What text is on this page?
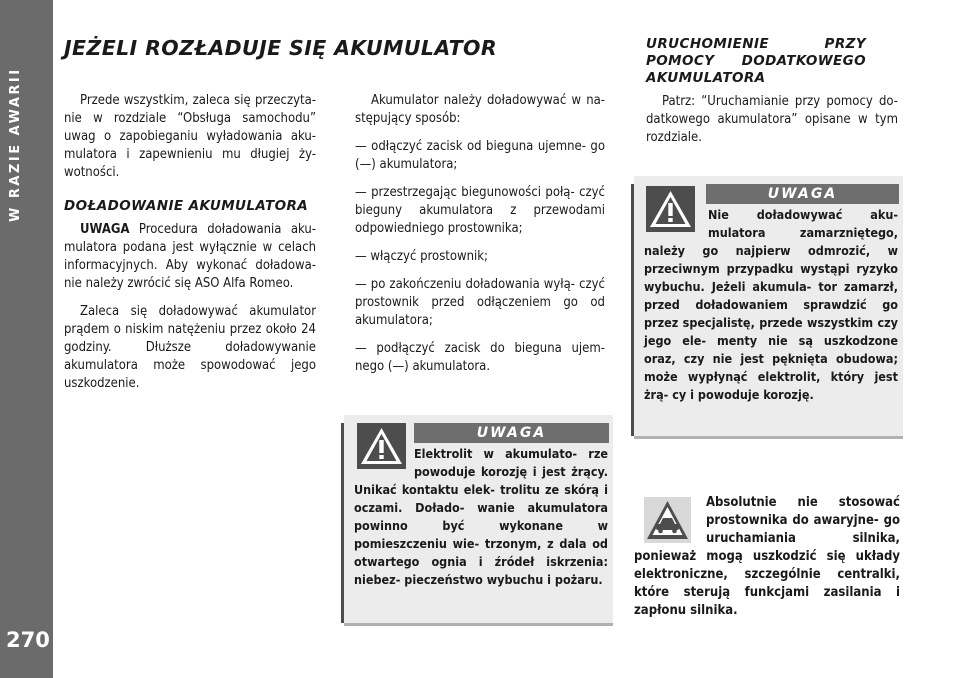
W RAZIE AWARII
270
JEŻELI ROZŁADUJE SIĘ AKUMULATOR

Przede wszystkim, zaleca się przeczyta- nie w rozdziale “Obsługa samochodu” uwag o zapobieganiu wyładowania aku- mulatora i zapewnieniu mu długiej ży- wotności.

DOŁADOWANIE AKUMULATORA

UWAGA Procedura doładowania aku- mulatora podana jest wyłącznie w celach informacyjnych. Aby wykonać doładowa- nie należy zwrócić się ASO Alfa Romeo.

Zaleca się doładowywać akumulator prądem o niskim natężeniu przez około 24 godziny. Dłuższe doładowywanie akumulatora może spowodować jego uszkodzenie.

Akumulator należy doładowywać w na- stępujący sposób:

— odłączyć zacisk od bieguna ujemne- go (—) akumulatora;

— przestrzegając biegunowości połą- czyć bieguny akumulatora z przewodami odpowiedniego prostownika;

— włączyć prostownik;

— po zakończeniu doładowania wyłą- czyć prostownik przed odłączeniem go od akumulatora;

— podłączyć zacisk do bieguna ujem- nego (—) akumulatora.

UWAGA
Elektrolit w akumulato- rze powoduje korozję i jest żrący. Unikać kontaktu elek- trolitu ze skórą i oczami. Dołado- wanie akumulatora powinno być wykonane w pomieszczeniu wie- trzonym, z dala od otwartego ognia i źródeł iskrzenia: niebez- pieczeństwo wybuchu i pożaru.
URUCHOMIENIE PRZY POMOCY DODATKOWEGO AKUMULATORA

Patrz: “Uruchamianie przy pomocy do- datkowego akumulatora” opisane w tym rozdziale.

UWAGA
Nie doładowywać aku- mulatora zamarzniętego, należy go najpierw odmrozić, w przeciwnym przypadku wystąpi ryzyko wybuchu. Jeżeli akumula- tor zamarzł, przed doładowaniem sprawdzić go przez specjalistę, przede wszystkim czy jego ele- menty nie są uszkodzone oraz, czy nie jest pęknięta obudowa; może wypłynąć elektrolit, który jest żrą- cy i powoduje korozję.
Absolutnie nie stosować prostownika do awaryjne- go uruchamiania silnika, ponieważ mogą uszkodzić się układy elektroniczne, szczególnie centralki, które sterują funkcjami zasilania i zapłonu silnika.
